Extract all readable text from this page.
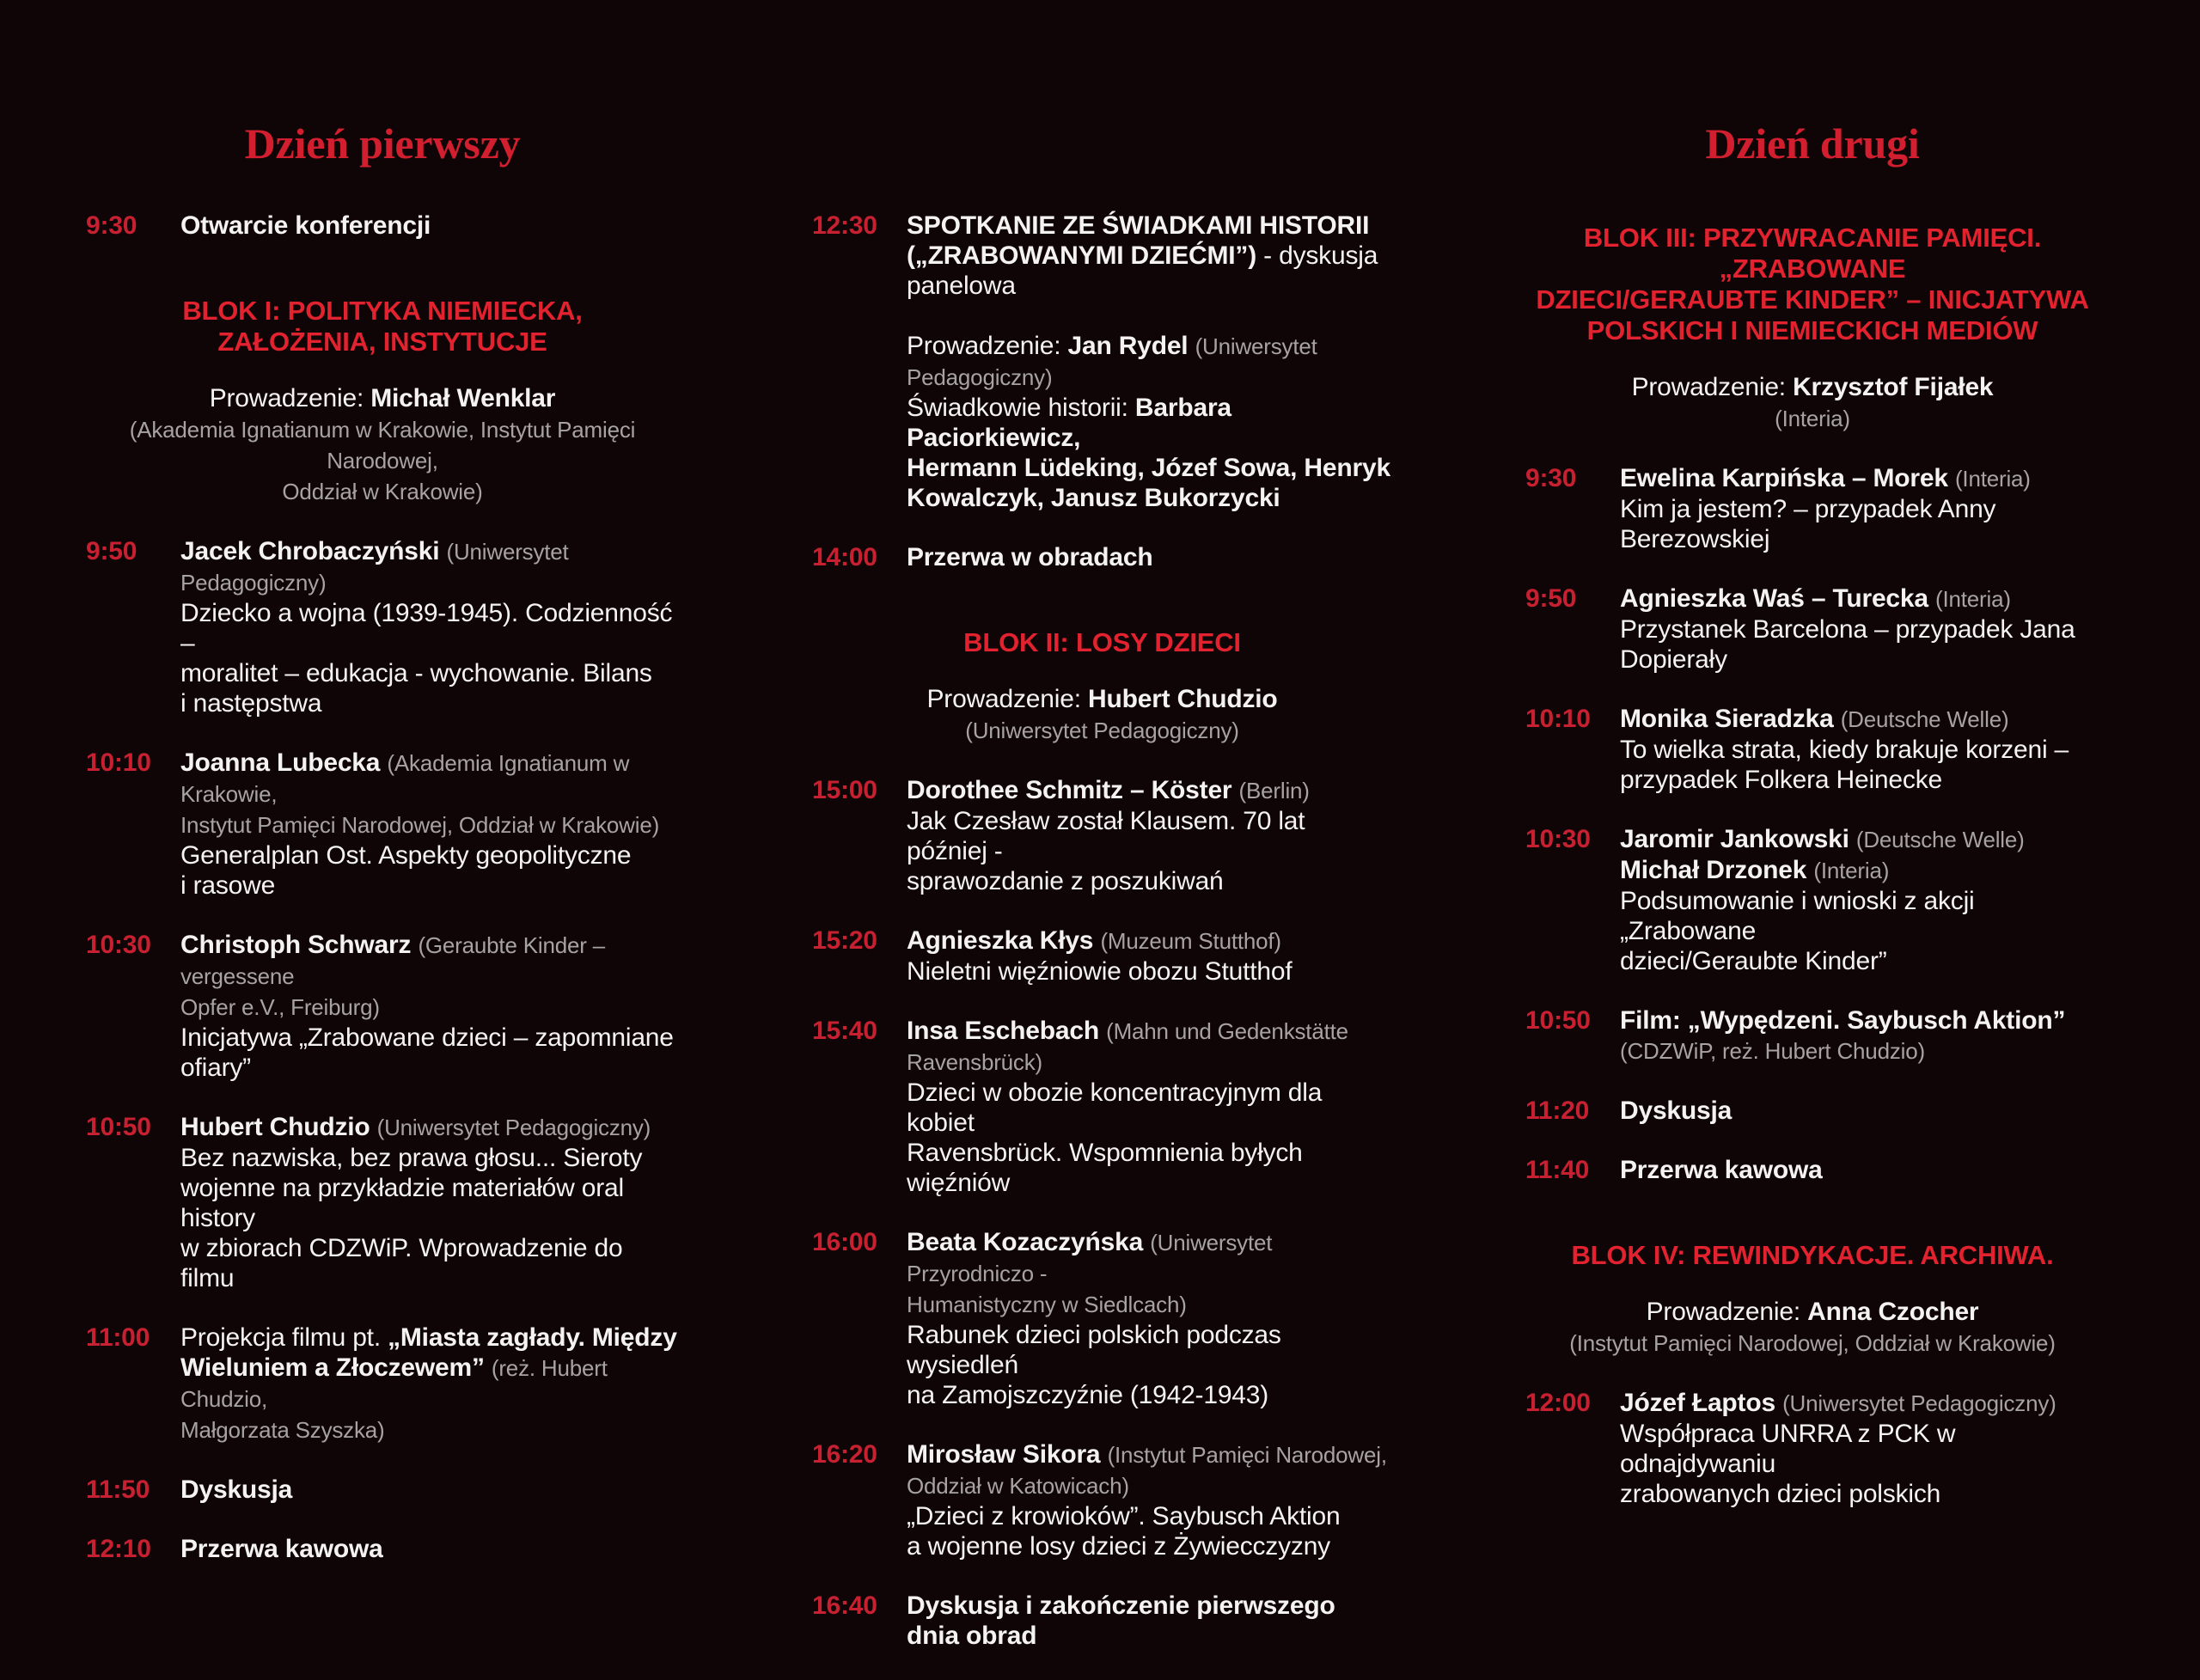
Dzień pierwszy
9:30	Otwarcie konferencji
BLOK I: POLITYKA NIEMIECKA,
ZAŁOŻENIA, INSTYTUCJE
Prowadzenie: Michał Wenklar
(Akademia Ignatianum w Krakowie, Instytut Pamięci Narodowej,
Oddział w Krakowie)
9:50	Jacek Chrobaczyński (Uniwersytet Pedagogiczny)
Dziecko a wojna (1939-1945). Codzienność –
moralitet – edukacja - wychowanie. Bilans
i następstwa
10:10	Joanna Lubecka (Akademia Ignatianum w Krakowie,
Instytut Pamięci Narodowej, Oddział w Krakowie)
Generalplan Ost. Aspekty geopolityczne
i rasowe
10:30	Christoph Schwarz (Geraubte Kinder – vergessene
Opfer e.V., Freiburg)
Inicjatywa „Zrabowane dzieci – zapomniane
ofiary”
10:50	Hubert Chudzio (Uniwersytet Pedagogiczny)
Bez nazwiska, bez prawa głosu... Sieroty
wojenne na przykładzie materiałów oral history
w zbiorach CDZWiP. Wprowadzenie do filmu
11:00	Projekcja filmu pt. „Miasta zagłady. Między
Wieluniem a Złoczewem” (reż. Hubert Chudzio,
Małgorzata Szyszka)
11:50	Dyskusja
12:10	Przerwa kawowa
12:30	SPOTKANIE ZE ŚWIADKAMI HISTORII
(„ZRABOWANYMI DZIEĆMI”) - dyskusja
panelowa
Prowadzenie: Jan Rydel (Uniwersytet Pedagogiczny)
Świadkowie historii: Barbara Paciorkiewicz,
Hermann Lüdeking, Józef Sowa, Henryk
Kowalczyk, Janusz Bukorzycki
14:00	Przerwa w obradach
BLOK II: LOSY DZIECI
Prowadzenie: Hubert Chudzio
(Uniwersytet Pedagogiczny)
15:00	Dorothee Schmitz – Köster (Berlin)
Jak Czesław został Klausem. 70 lat później -
sprawozdanie z poszukiwań
15:20	Agnieszka Kłys (Muzeum Stutthof)
Nieletni więźniowie obozu Stutthof
15:40	Insa Eschebach (Mahn und Gedenkstätte Ravensbrück)
Dzieci w obozie koncentracyjnym dla kobiet
Ravensbrück. Wspomnienia byłych więźniów
16:00	Beata Kozaczyńska (Uniwersytet Przyrodniczo -
Humanistyczny w Siedlcach)
Rabunek dzieci polskich podczas wysiedleń
na Zamojszczyźnie (1942-1943)
16:20	Mirosław Sikora (Instytut Pamięci Narodowej,
Oddział w Katowicach)
„Dzieci z krowioków”. Saybusch Aktion
a wojenne losy dzieci z Żywiecczyzny
16:40	Dyskusja i zakończenie pierwszego dnia obrad
Dzień drugi
BLOK III: PRZYWRACANIE PAMIĘCI. „ZRABOWANE
DZIECI/GERAUBTE KINDER” – INICJATYWA
POLSKICH I NIEMIECKICH MEDIÓW
Prowadzenie: Krzysztof Fijałek
(Interia)
9:30	Ewelina Karpińska – Morek (Interia)
Kim ja jestem? – przypadek Anny Berezowskiej
9:50	Agnieszka Waś – Turecka (Interia)
Przystanek Barcelona – przypadek Jana
Dopierały
10:10	Monika Sieradzka (Deutsche Welle)
To wielka strata, kiedy brakuje korzeni –
przypadek Folkera Heinecke
10:30	Jaromir Jankowski (Deutsche Welle)
Michał Drzonek (Interia)
Podsumowanie i wnioski z akcji „Zrabowane
dzieci/Geraubte Kinder”
10:50	Film: „Wypędzeni. Saybusch Aktion”
(CDZWiP, reż. Hubert Chudzio)
11:20	Dyskusja
11:40	Przerwa kawowa
BLOK IV: REWINDYKACJE. ARCHIWA.
Prowadzenie: Anna Czocher
(Instytut Pamięci Narodowej, Oddział w Krakowie)
12:00	Józef Łaptos (Uniwersytet Pedagogiczny)
Współpraca UNRRA z PCK w odnajdywaniu
zrabowanych dzieci polskich
